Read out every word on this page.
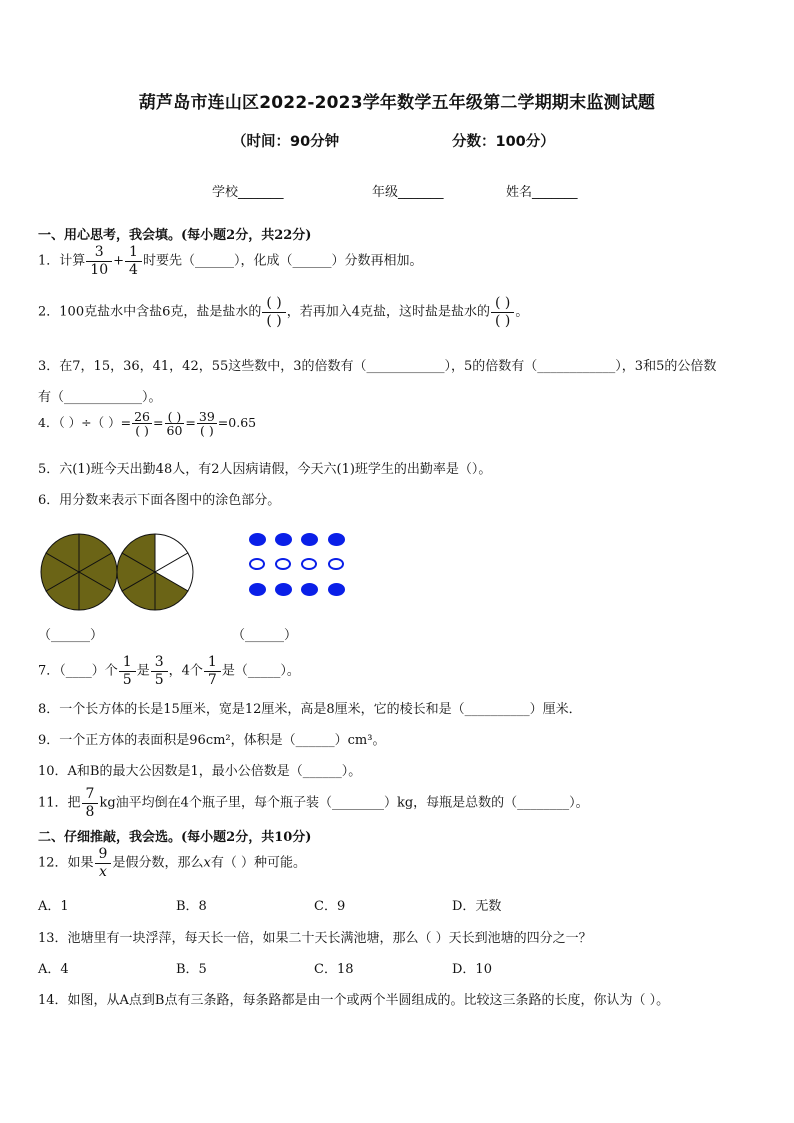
葫芦岛市连山区2022-2023学年数学五年级第二学期期末监测试题
（时间：90分钟	分数：100分）
学校_______	年级_______	姓名_______
一、用心思考，我会填。(每小题2分，共22分)
1．计算 $\frac{3}{10} + \frac{1}{4}$ 时要先（______），化成（______）分数再相加。
2．100克盐水中含盐6克，盐是盐水的 $\frac{( )}{( )}$ ，若再加入4克盐，这时盐是盐水的 $\frac{( )}{( )}$ 。
3．在7，15，36，41，42，55这些数中，3的倍数有（____________），5的倍数有（____________），3和5的公倍数
有（____________）。
4．（ ）÷（ ）= $\frac{26}{( )} = \frac{( )}{60} = \frac{39}{( )} =0.65$
5．六(1)班今天出勤48人，有2人因病请假，今天六(1)班学生的出勤率是（）。
6．用分数来表示下面各图中的涂色部分。
（______）	（______）
7．（____）个 $\frac{1}{5}$ 是 $\frac{3}{5}$ ，4个 $\frac{1}{7}$ 是（_____）。
8．一个长方体的长是15厘米，宽是12厘米，高是8厘米，它的棱长和是（__________）厘米．
9．一个正方体的表面积是96cm²，体积是（______）cm³。
10．A和B的最大公因数是1，最小公倍数是（______）。
11．把 $\frac{7}{8}$ kg油平均倒在4个瓶子里，每个瓶子装（________）kg，每瓶是总数的（________）。
二、仔细推敲，我会选。(每小题2分，共10分)
12．如果 $\frac{9}{x}$ 是假分数，那么x有（ ）种可能。
A．1	B．8	C．9	D．无数
13．池塘里有一块浮萍，每天长一倍，如果二十天长满池塘，那么（ ）天长到池塘的四分之一？
A．4	B．5	C．18	D．10
14．如图，从A点到B点有三条路，每条路都是由一个或两个半圆组成的。比较这三条路的长度，你认为（ ）。
